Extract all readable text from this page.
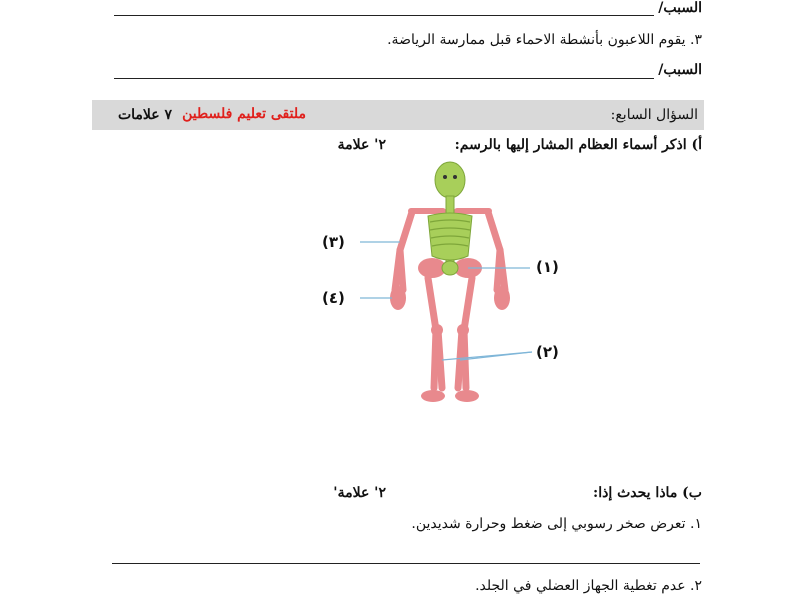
السبب/
٣. يقوم اللاعبون بأنشطة الاحماء قبل ممارسة الرياضة.
السبب/
السؤال السابع:
ملتقى تعليم فلسطين
٧ علامات
أ) اذكر أسماء العظام المشار إليها بالرسم:
٢' علامة
(١)
(٢)
(٣)
(٤)
ب) ماذا يحدث إذا:
٢' علامة'
١. تعرض صخر رسوبي إلى ضغط وحرارة شديدين.
٢. عدم تغطية الجهاز العضلي في الجلد.
